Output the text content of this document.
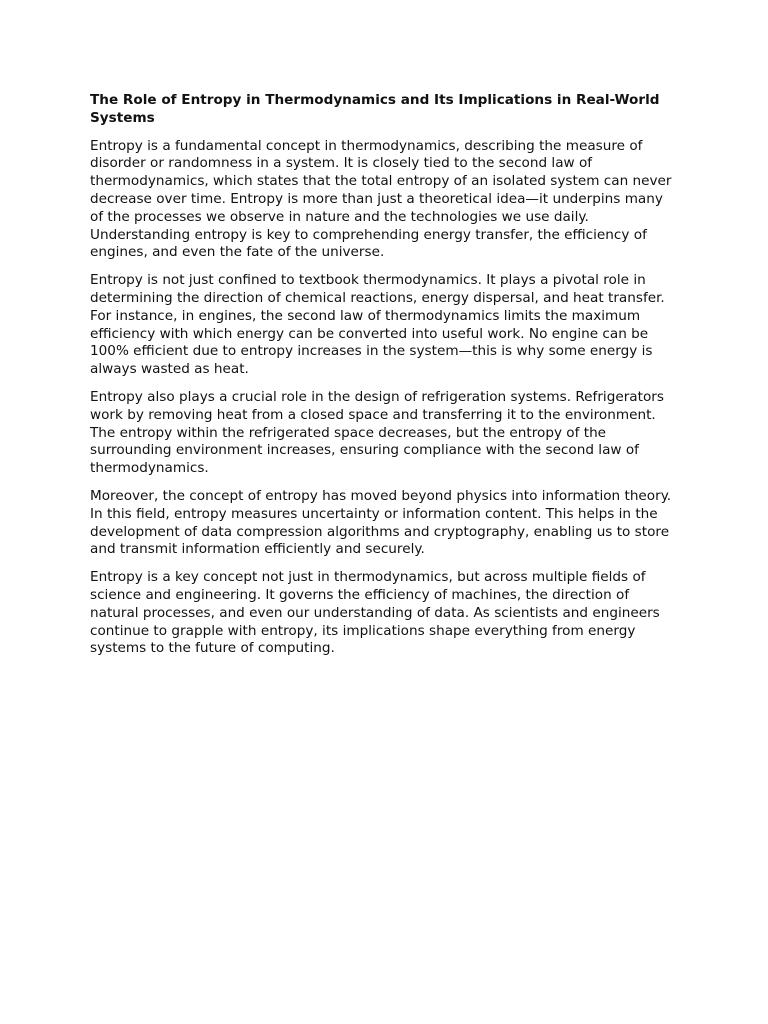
The Role of Entropy in Thermodynamics and Its Implications in Real-World Systems

Entropy is a fundamental concept in thermodynamics, describing the measure of disorder or randomness in a system. It is closely tied to the second law of thermodynamics, which states that the total entropy of an isolated system can never decrease over time. Entropy is more than just a theoretical idea—it underpins many of the processes we observe in nature and the technologies we use daily. Understanding entropy is key to comprehending energy transfer, the efficiency of engines, and even the fate of the universe.

Entropy is not just confined to textbook thermodynamics. It plays a pivotal role in determining the direction of chemical reactions, energy dispersal, and heat transfer. For instance, in engines, the second law of thermodynamics limits the maximum efficiency with which energy can be converted into useful work. No engine can be 100% efficient due to entropy increases in the system—this is why some energy is always wasted as heat.

Entropy also plays a crucial role in the design of refrigeration systems. Refrigerators work by removing heat from a closed space and transferring it to the environment. The entropy within the refrigerated space decreases, but the entropy of the surrounding environment increases, ensuring compliance with the second law of thermodynamics.

Moreover, the concept of entropy has moved beyond physics into information theory. In this field, entropy measures uncertainty or information content. This helps in the development of data compression algorithms and cryptography, enabling us to store and transmit information efficiently and securely.

Entropy is a key concept not just in thermodynamics, but across multiple fields of science and engineering. It governs the efficiency of machines, the direction of natural processes, and even our understanding of data. As scientists and engineers continue to grapple with entropy, its implications shape everything from energy systems to the future of computing.
